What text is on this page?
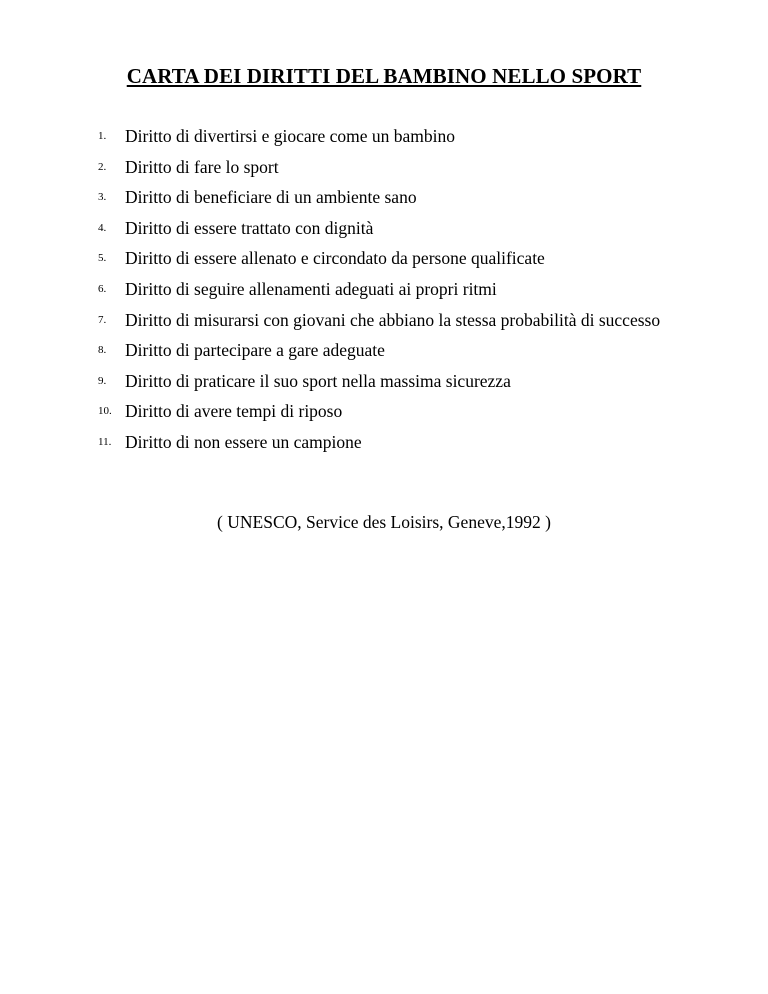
CARTA DEI DIRITTI DEL BAMBINO NELLO SPORT
1.	Diritto di divertirsi e giocare come un bambino
2.	Diritto di fare lo sport
3.	Diritto di beneficiare di un ambiente sano
4.	Diritto di essere trattato con dignità
5.	Diritto di essere allenato e circondato da persone qualificate
6.	Diritto di seguire allenamenti adeguati ai propri ritmi
7.	Diritto di misurarsi con giovani che abbiano la stessa probabilità di successo
8.	Diritto di partecipare a gare adeguate
9.	Diritto di praticare il suo sport nella massima sicurezza
10. Diritto di avere tempi di riposo
11. Diritto di non essere un campione
( UNESCO, Service des Loisirs, Geneve,1992 )
